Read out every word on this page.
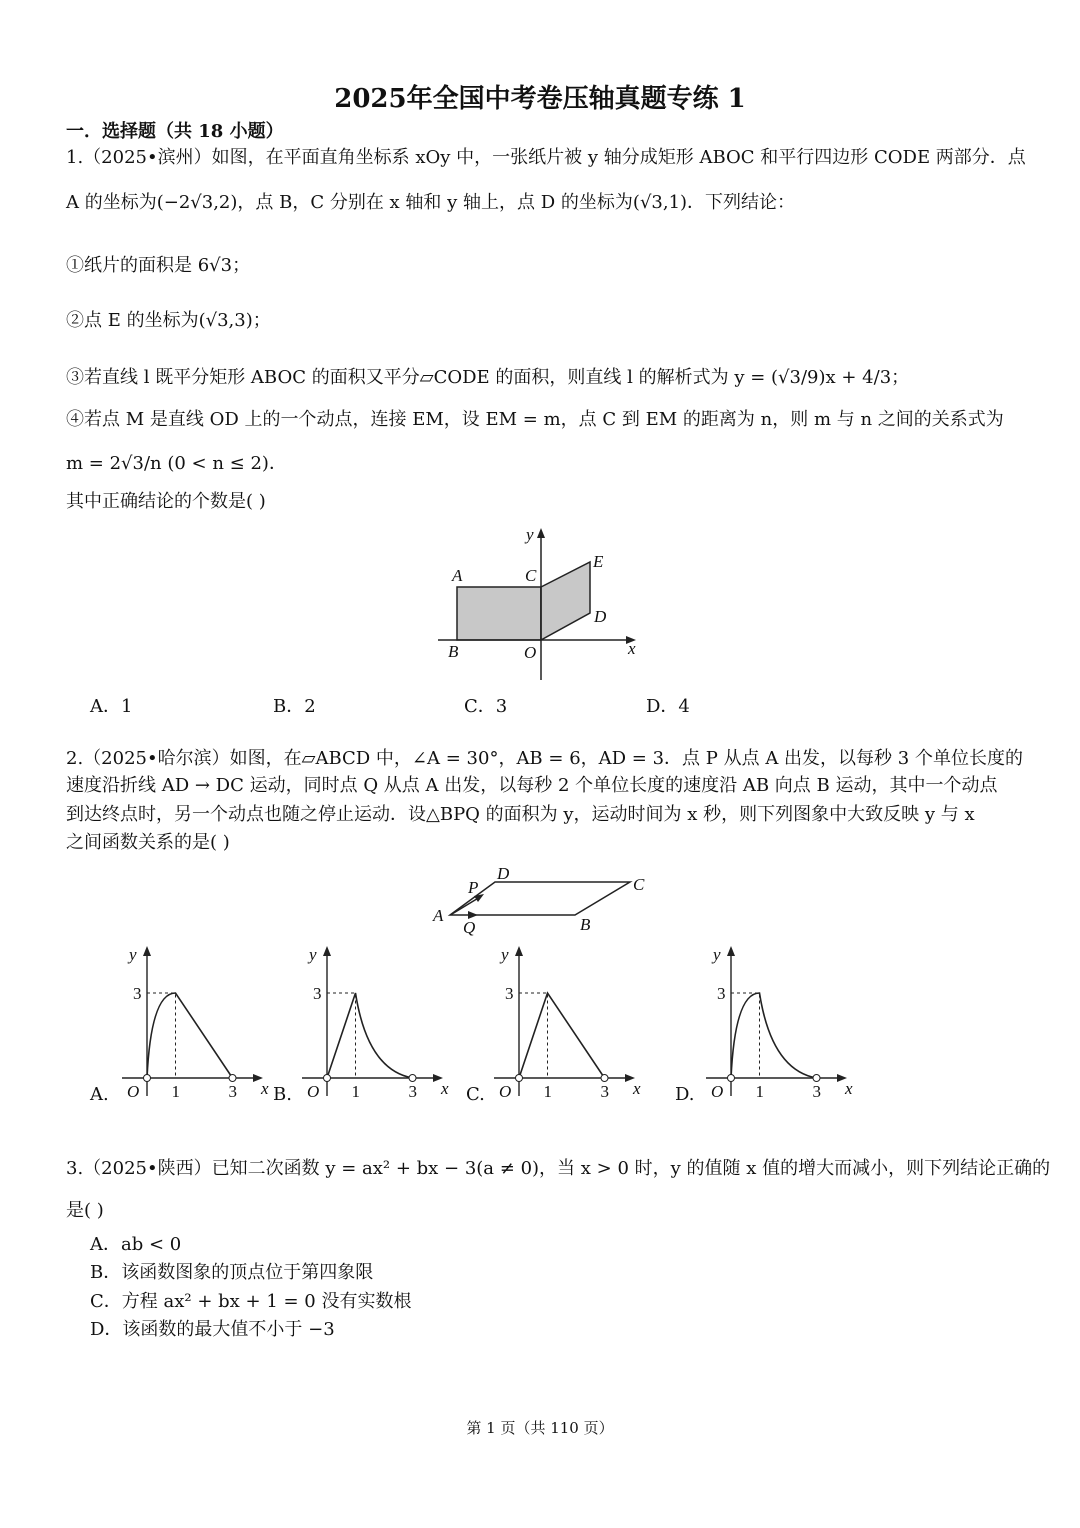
2025年全国中考卷压轴真题专练 1
一．选择题（共 18 小题）
1.（2025•滨州）如图，在平面直角坐标系 xOy 中，一张纸片被 y 轴分成矩形 ABOC 和平行四边形 CODE 两部分．点
A 的坐标为(−2√3,2)，点 B，C 分别在 x 轴和 y 轴上，点 D 的坐标为(√3,1)．下列结论：
①纸片的面积是 6√3；
②点 E 的坐标为(√3,3)；
③若直线 l 既平分矩形 ABOC 的面积又平分▱CODE 的面积，则直线 l 的解析式为 y = (√3/9)x + 4/3；
④若点 M 是直线 OD 上的一个动点，连接 EM，设 EM = m，点 C 到 EM 的距离为 n，则 m 与 n 之间的关系式为
m = 2√3/n (0 < n ≤ 2)．
其中正确结论的个数是( )
y
x
A
B
C
D
E
O
A	B
C
D
P
Q
y
x
O 1	3
3
y
x
O 1	3
3
y
x
O 1	3
3
y
x
O 1	3
3
A．1	B．2	C．3	D．4
2.（2025•哈尔滨）如图，在▱ABCD 中，∠A = 30°，AB = 6，AD = 3．点 P 从点 A 出发，以每秒 3 个单位长度的
速度沿折线 AD → DC 运动，同时点 Q 从点 A 出发，以每秒 2 个单位长度的速度沿 AB 向点 B 运动，其中一个动点
到达终点时，另一个动点也随之停止运动．设△BPQ 的面积为 y，运动时间为 x 秒，则下列图象中大致反映 y 与 x
之间函数关系的是( )
A.	B.	C.	D.
3.（2025•陕西）已知二次函数 y = ax² + bx − 3(a ≠ 0)，当 x > 0 时，y 的值随 x 值的增大而减小，则下列结论正确的
是( )
A．ab < 0
B．该函数图象的顶点位于第四象限
C．方程 ax² + bx + 1 = 0 没有实数根
D．该函数的最大值不小于 −3
第 1 页（共 110 页）
